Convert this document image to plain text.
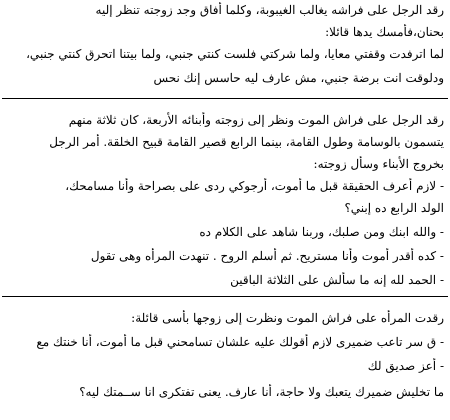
رقد الرجل على فراشه يغالب الغيبوبة، وكلما أفاق وجد زوجته تنظر إليه
بحنان،فأمسك يدها قائلا:
لما اترفدت وقفتي معايا، ولما شركتي فلست كنتي جنبي، ولما بيتنا اتحرق كنتي جنبي،
ودلوقت انت برضة جنبي، مش عارف ليه حاسس إنك نحس
رقد الرجل على فراش الموت ونظر إلى زوجته وأبنائه الأربعة، كان ثلاثة منهم
يتسمون بالوسامة وطول القامة، بينما الرابع قصير القامة قبيح الخلقة. أمر الرجل
بخروج الأبناء وسأل زوجته:
- لازم أعرف الحقيقة قبل ما أموت، أرجوكي ردى على بصراحة وأنا مسامحك،
الولد الرابع ده إبني؟
- والله ابنك ومن صلبك، وربنا شاهد على الكلام ده
- كده أقدر أموت وأنا مستريح. ثم أسلم الروح . تنهدت المرأه وهى تقول
- الحمد لله إنه ما سألش على الثلاثة الباقين
رقدت المرأه على فراش الموت ونظرت إلى زوجها بأسى قائلة:
- ق سر تاعب ضميرى لازم أقولك عليه علشان تسامحني قبل ما أموت، أنا خنتك مع
- أعز صديق لك
ما تخليش ضميرك يتعبك ولا حاجة، أنا عارف. يعنى تفتكرى انا ســمتك ليه؟
